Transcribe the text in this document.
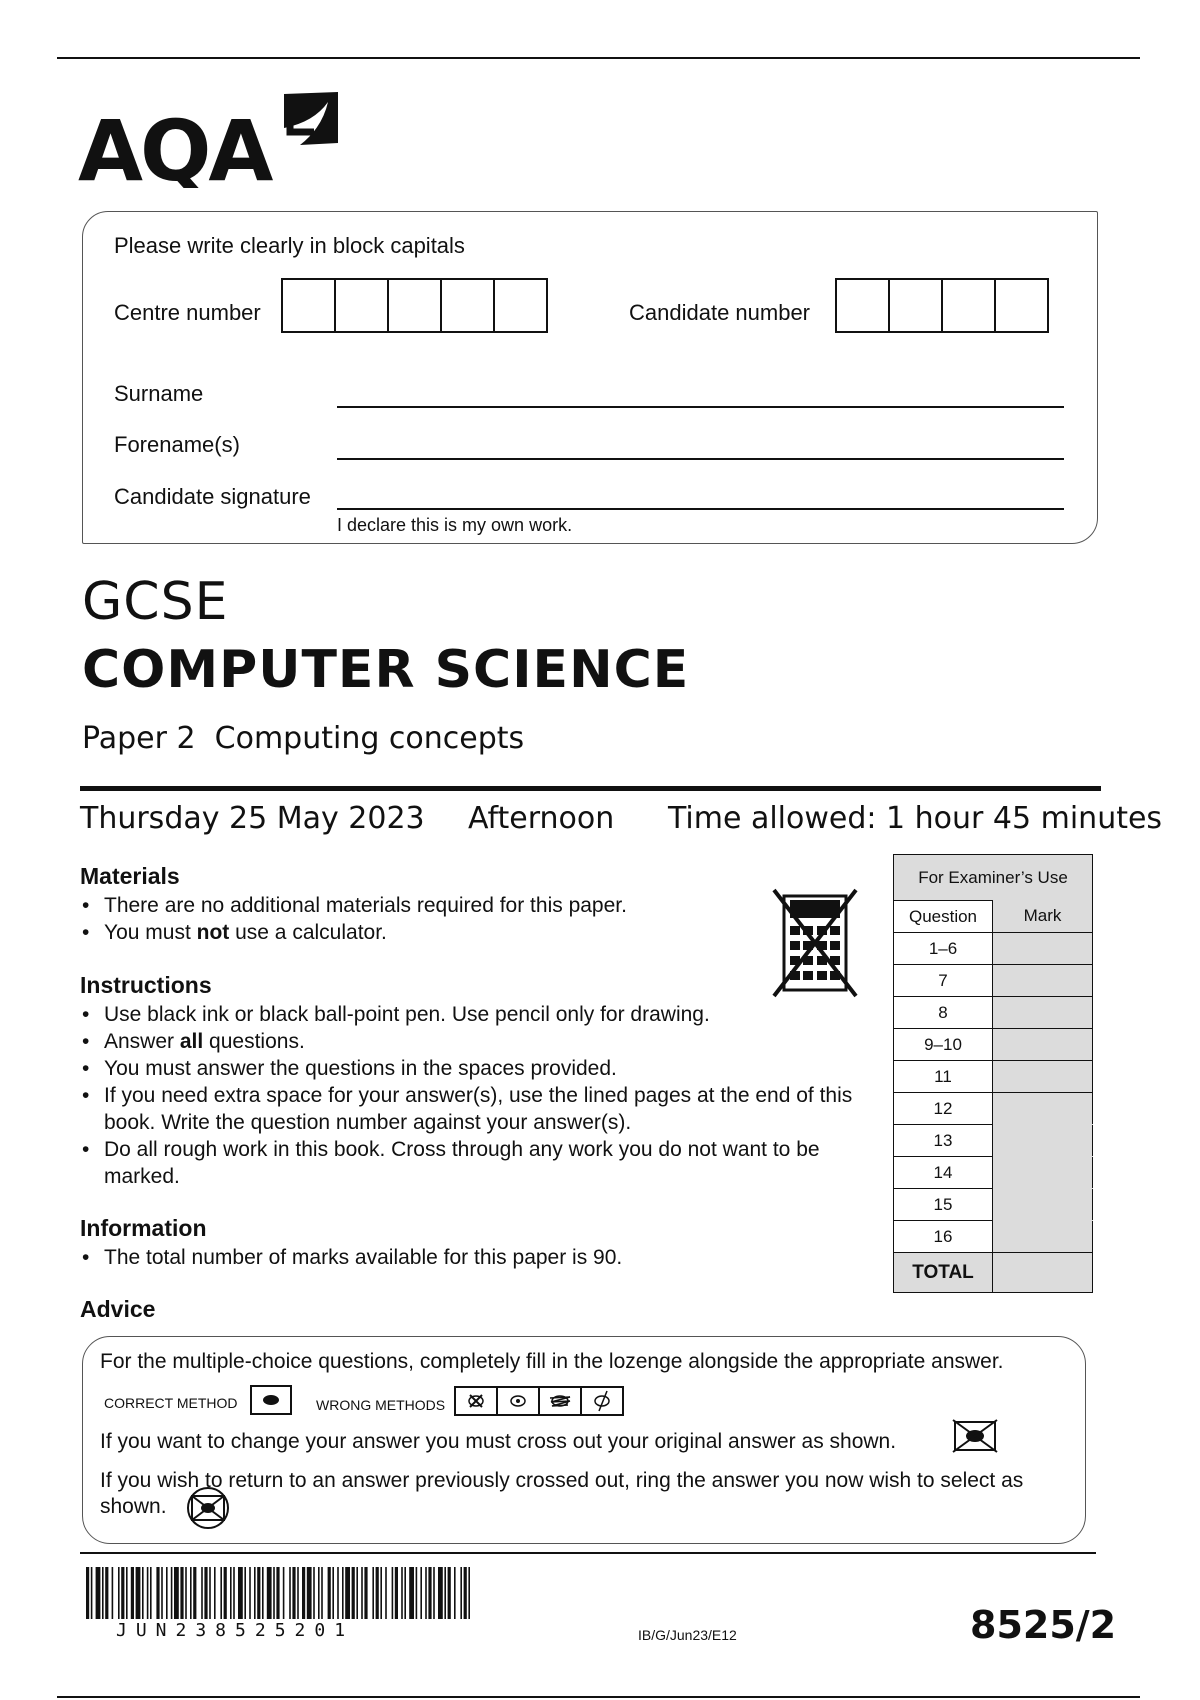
AQA
Please write clearly in block capitals
Centre number	Candidate number
Surname
Forename(s)
Candidate signature
I declare this is my own work.
GCSE
COMPUTER SCIENCE
Paper 2  Computing concepts
Thursday 25 May 2023 Afternoon Time allowed: 1 hour 45 minutes
Materials
• There are no additional materials required for this paper.
• You must not use a calculator.
Instructions
• Use black ink or black ball-point pen. Use pencil only for drawing.
• Answer all questions.
• You must answer the questions in the spaces provided.
• If you need extra space for your answer(s), use the lined pages at the end of this book. Write the question number against your answer(s).
• Do all rough work in this book. Cross through any work you do not want to be marked.
Information
• The total number of marks available for this paper is 90.
Advice
For Examiner’s Use	
Question	Mark
1–6	
7	
8	
9–10	
11	
12	
13	
14	
15	
16	
TOTAL	
For the multiple-choice questions, completely fill in the lozenge alongside the appropriate answer.
CORRECT METHOD	WRONG METHODS
If you want to change your answer you must cross out your original answer as shown.
If you wish to return to an answer previously crossed out, ring the answer you now wish to select as shown.
JUN238525201	IB/G/Jun23/E12	8525/2
